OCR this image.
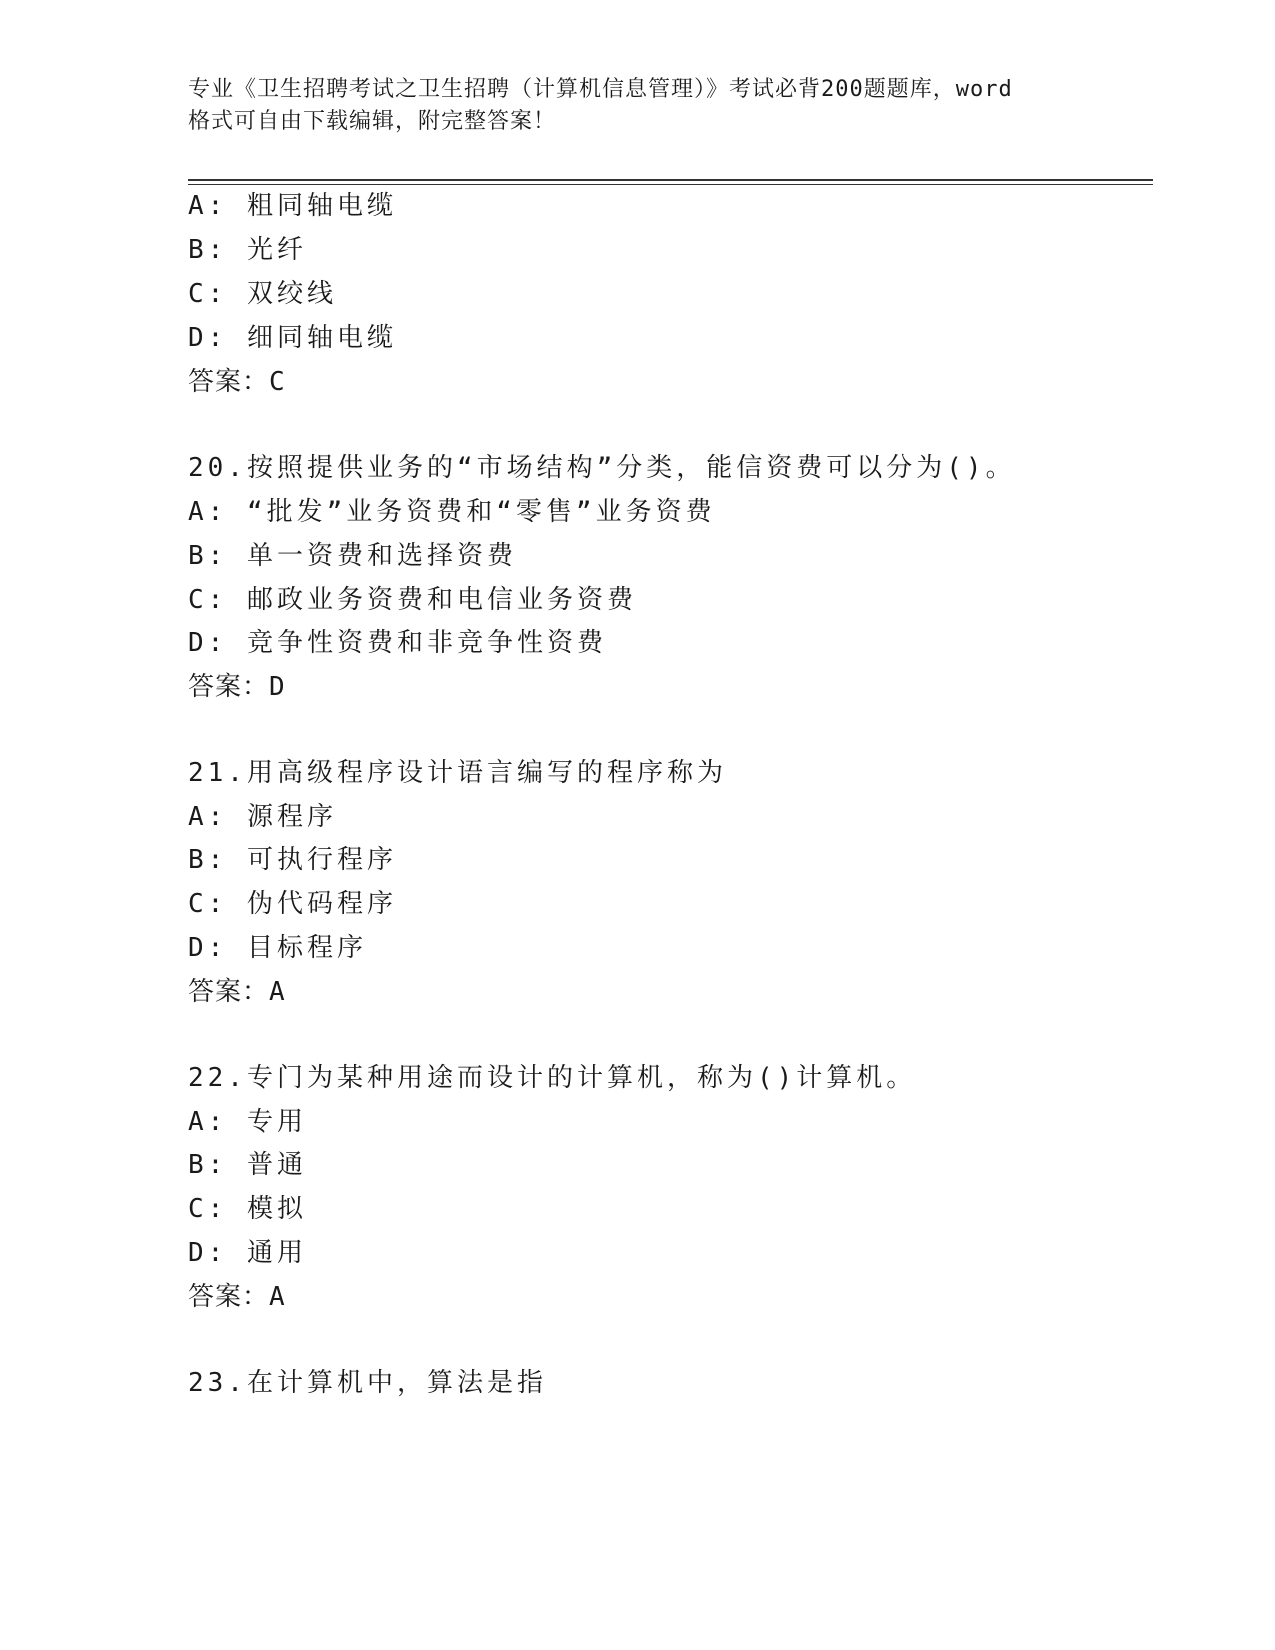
专业《卫生招聘考试之卫生招聘（计算机信息管理）》考试必背200题题库，word
格式可自由下载编辑，附完整答案！
A: 粗同轴电缆
B: 光纤
C: 双绞线
D: 细同轴电缆
答案：C
20.按照提供业务的“市场结构”分类，能信资费可以分为()。
A: “批发”业务资费和“零售”业务资费
B: 单一资费和选择资费
C: 邮政业务资费和电信业务资费
D: 竞争性资费和非竞争性资费
答案：D
21.用高级程序设计语言编写的程序称为
A: 源程序
B: 可执行程序
C: 伪代码程序
D: 目标程序
答案：A
22.专门为某种用途而设计的计算机，称为()计算机。
A: 专用
B: 普通
C: 模拟
D: 通用
答案：A
23.在计算机中，算法是指
